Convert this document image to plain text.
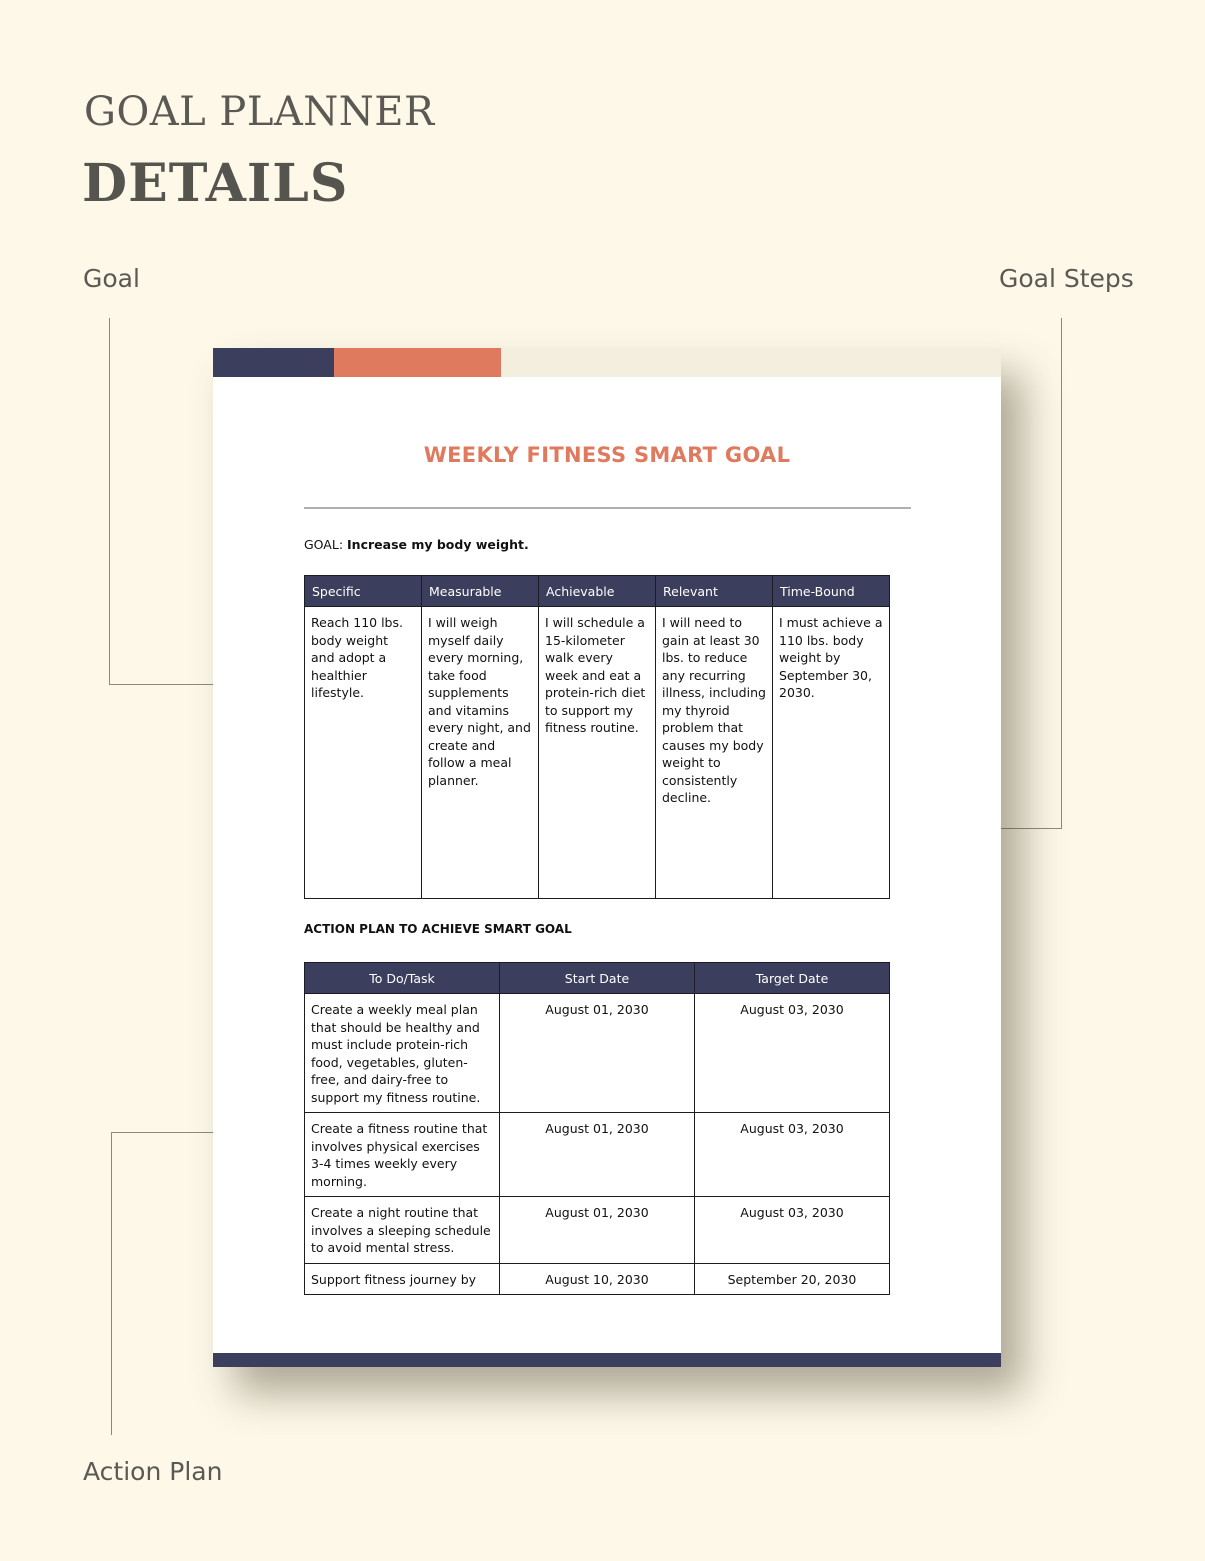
GOAL PLANNER
DETAILS
Goal	Goal Steps
Action Plan
WEEKLY FITNESS SMART GOAL
GOAL: Increase my body weight.
Specific	Measurable	Achievable	Relevant	Time-Bound
Reach 110 lbs. body weight and adopt a healthier lifestyle.	I will weigh myself daily every morning, take food supplements and vitamins every night, and create and follow a meal planner.	I will schedule a 15-kilometer walk every week and eat a protein-rich diet to support my fitness routine.	I will need to gain at least 30 lbs. to reduce any recurring illness, including my thyroid problem that causes my body weight to consistently decline.	I must achieve a 110 lbs. body weight by September 30, 2030.
ACTION PLAN TO ACHIEVE SMART GOAL
To Do/Task	Start Date	Target Date
Create a weekly meal plan that should be healthy and must include protein-rich food, vegetables, gluten-free, and dairy-free to support my fitness routine.	August 01, 2030	August 03, 2030
Create a fitness routine that involves physical exercises 3-4 times weekly every morning.	August 01, 2030	August 03, 2030
Create a night routine that involves a sleeping schedule to avoid mental stress.	August 01, 2030	August 03, 2030
Support fitness journey by	August 10, 2030	September 20, 2030
